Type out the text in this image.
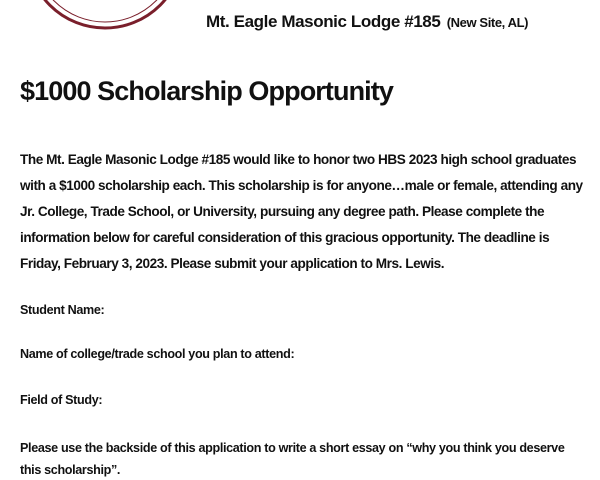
Mt. Eagle Masonic Lodge #185 (New Site, AL)
$1000 Scholarship Opportunity

The Mt. Eagle Masonic Lodge #185 would like to honor two HBS 2023 high school graduates with a $1000 scholarship each. This scholarship is for anyone…male or female, attending any Jr. College, Trade School, or University, pursuing any degree path. Please complete the information below for careful consideration of this gracious opportunity. The deadline is Friday, February 3, 2023. Please submit your application to Mrs. Lewis.

Student Name:

Name of college/trade school you plan to attend:

Field of Study:

Please use the backside of this application to write a short essay on “why you think you deserve this scholarship”.
